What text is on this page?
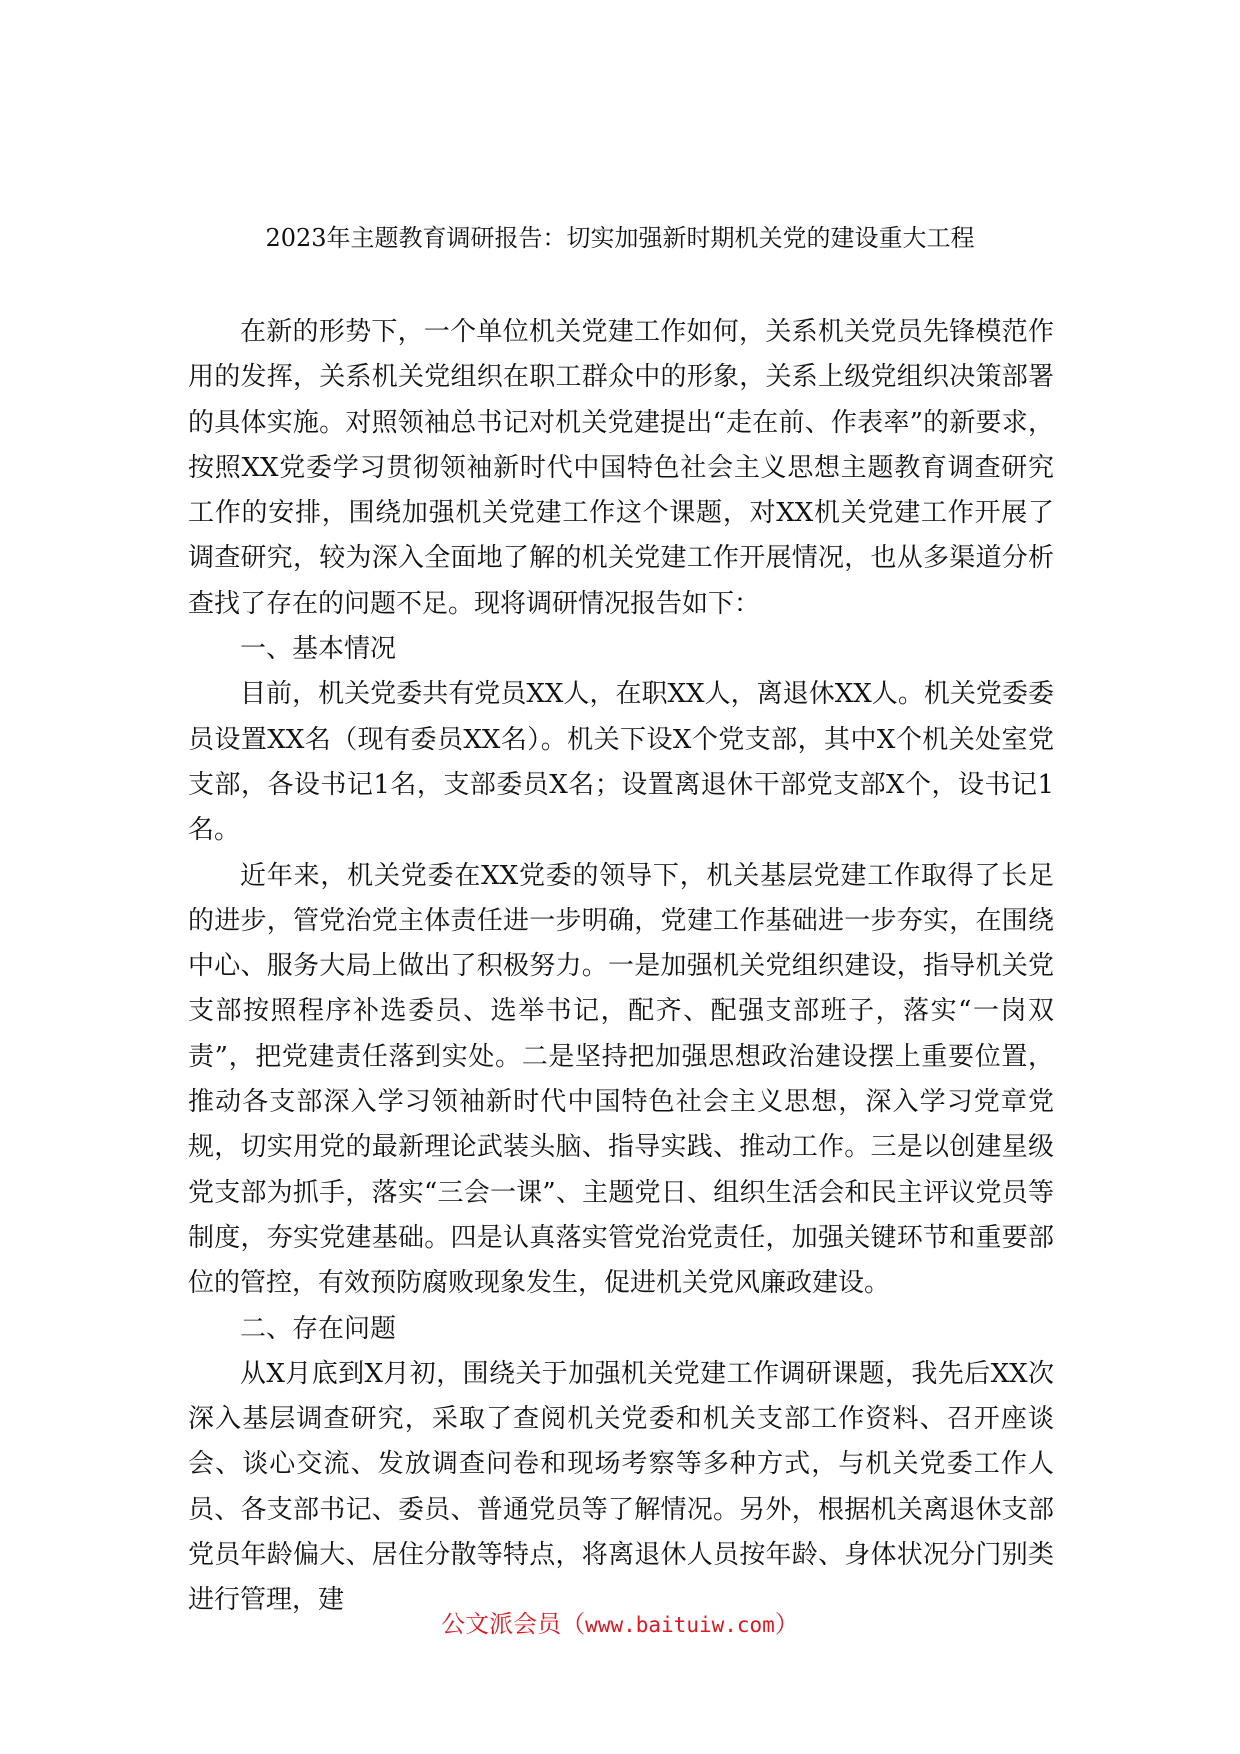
2023年主题教育调研报告：切实加强新时期机关党的建设重大工程

在新的形势下，一个单位机关党建工作如何，关系机关党员先锋模范作用的发挥，关系机关党组织在职工群众中的形象，关系上级党组织决策部署的具体实施。对照领袖总书记对机关党建提出“走在前、作表率”的新要求，按照XX党委学习贯彻领袖新时代中国特色社会主义思想主题教育调查研究工作的安排，围绕加强机关党建工作这个课题，对XX机关党建工作开展了调查研究，较为深入全面地了解的机关党建工作开展情况，也从多渠道分析查找了存在的问题不足。现将调研情况报告如下：

一、基本情况

目前，机关党委共有党员XX人，在职XX人，离退休XX人。机关党委委员设置XX名（现有委员XX名）。机关下设X个党支部，其中X个机关处室党支部，各设书记1名，支部委员X名；设置离退休干部党支部X个，设书记1名。

近年来，机关党委在XX党委的领导下，机关基层党建工作取得了长足的进步，管党治党主体责任进一步明确，党建工作基础进一步夯实，在围绕中心、服务大局上做出了积极努力。一是加强机关党组织建设，指导机关党支部按照程序补选委员、选举书记，配齐、配强支部班子，落实“一岗双责”，把党建责任落到实处。二是坚持把加强思想政治建设摆上重要位置，推动各支部深入学习领袖新时代中国特色社会主义思想，深入学习党章党规，切实用党的最新理论武装头脑、指导实践、推动工作。三是以创建星级党支部为抓手，落实“三会一课”、主题党日、组织生活会和民主评议党员等制度，夯实党建基础。四是认真落实管党治党责任，加强关键环节和重要部位的管控，有效预防腐败现象发生，促进机关党风廉政建设。

二、存在问题

从X月底到X月初，围绕关于加强机关党建工作调研课题，我先后XX次深入基层调查研究，采取了查阅机关党委和机关支部工作资料、召开座谈会、谈心交流、发放调查问卷和现场考察等多种方式，与机关党委工作人员、各支部书记、委员、普通党员等了解情况。另外，根据机关离退休支部党员年龄偏大、居住分散等特点，将离退休人员按年龄、身体状况分门别类进行管理，建

公文派会员（www.baituiw.com）
